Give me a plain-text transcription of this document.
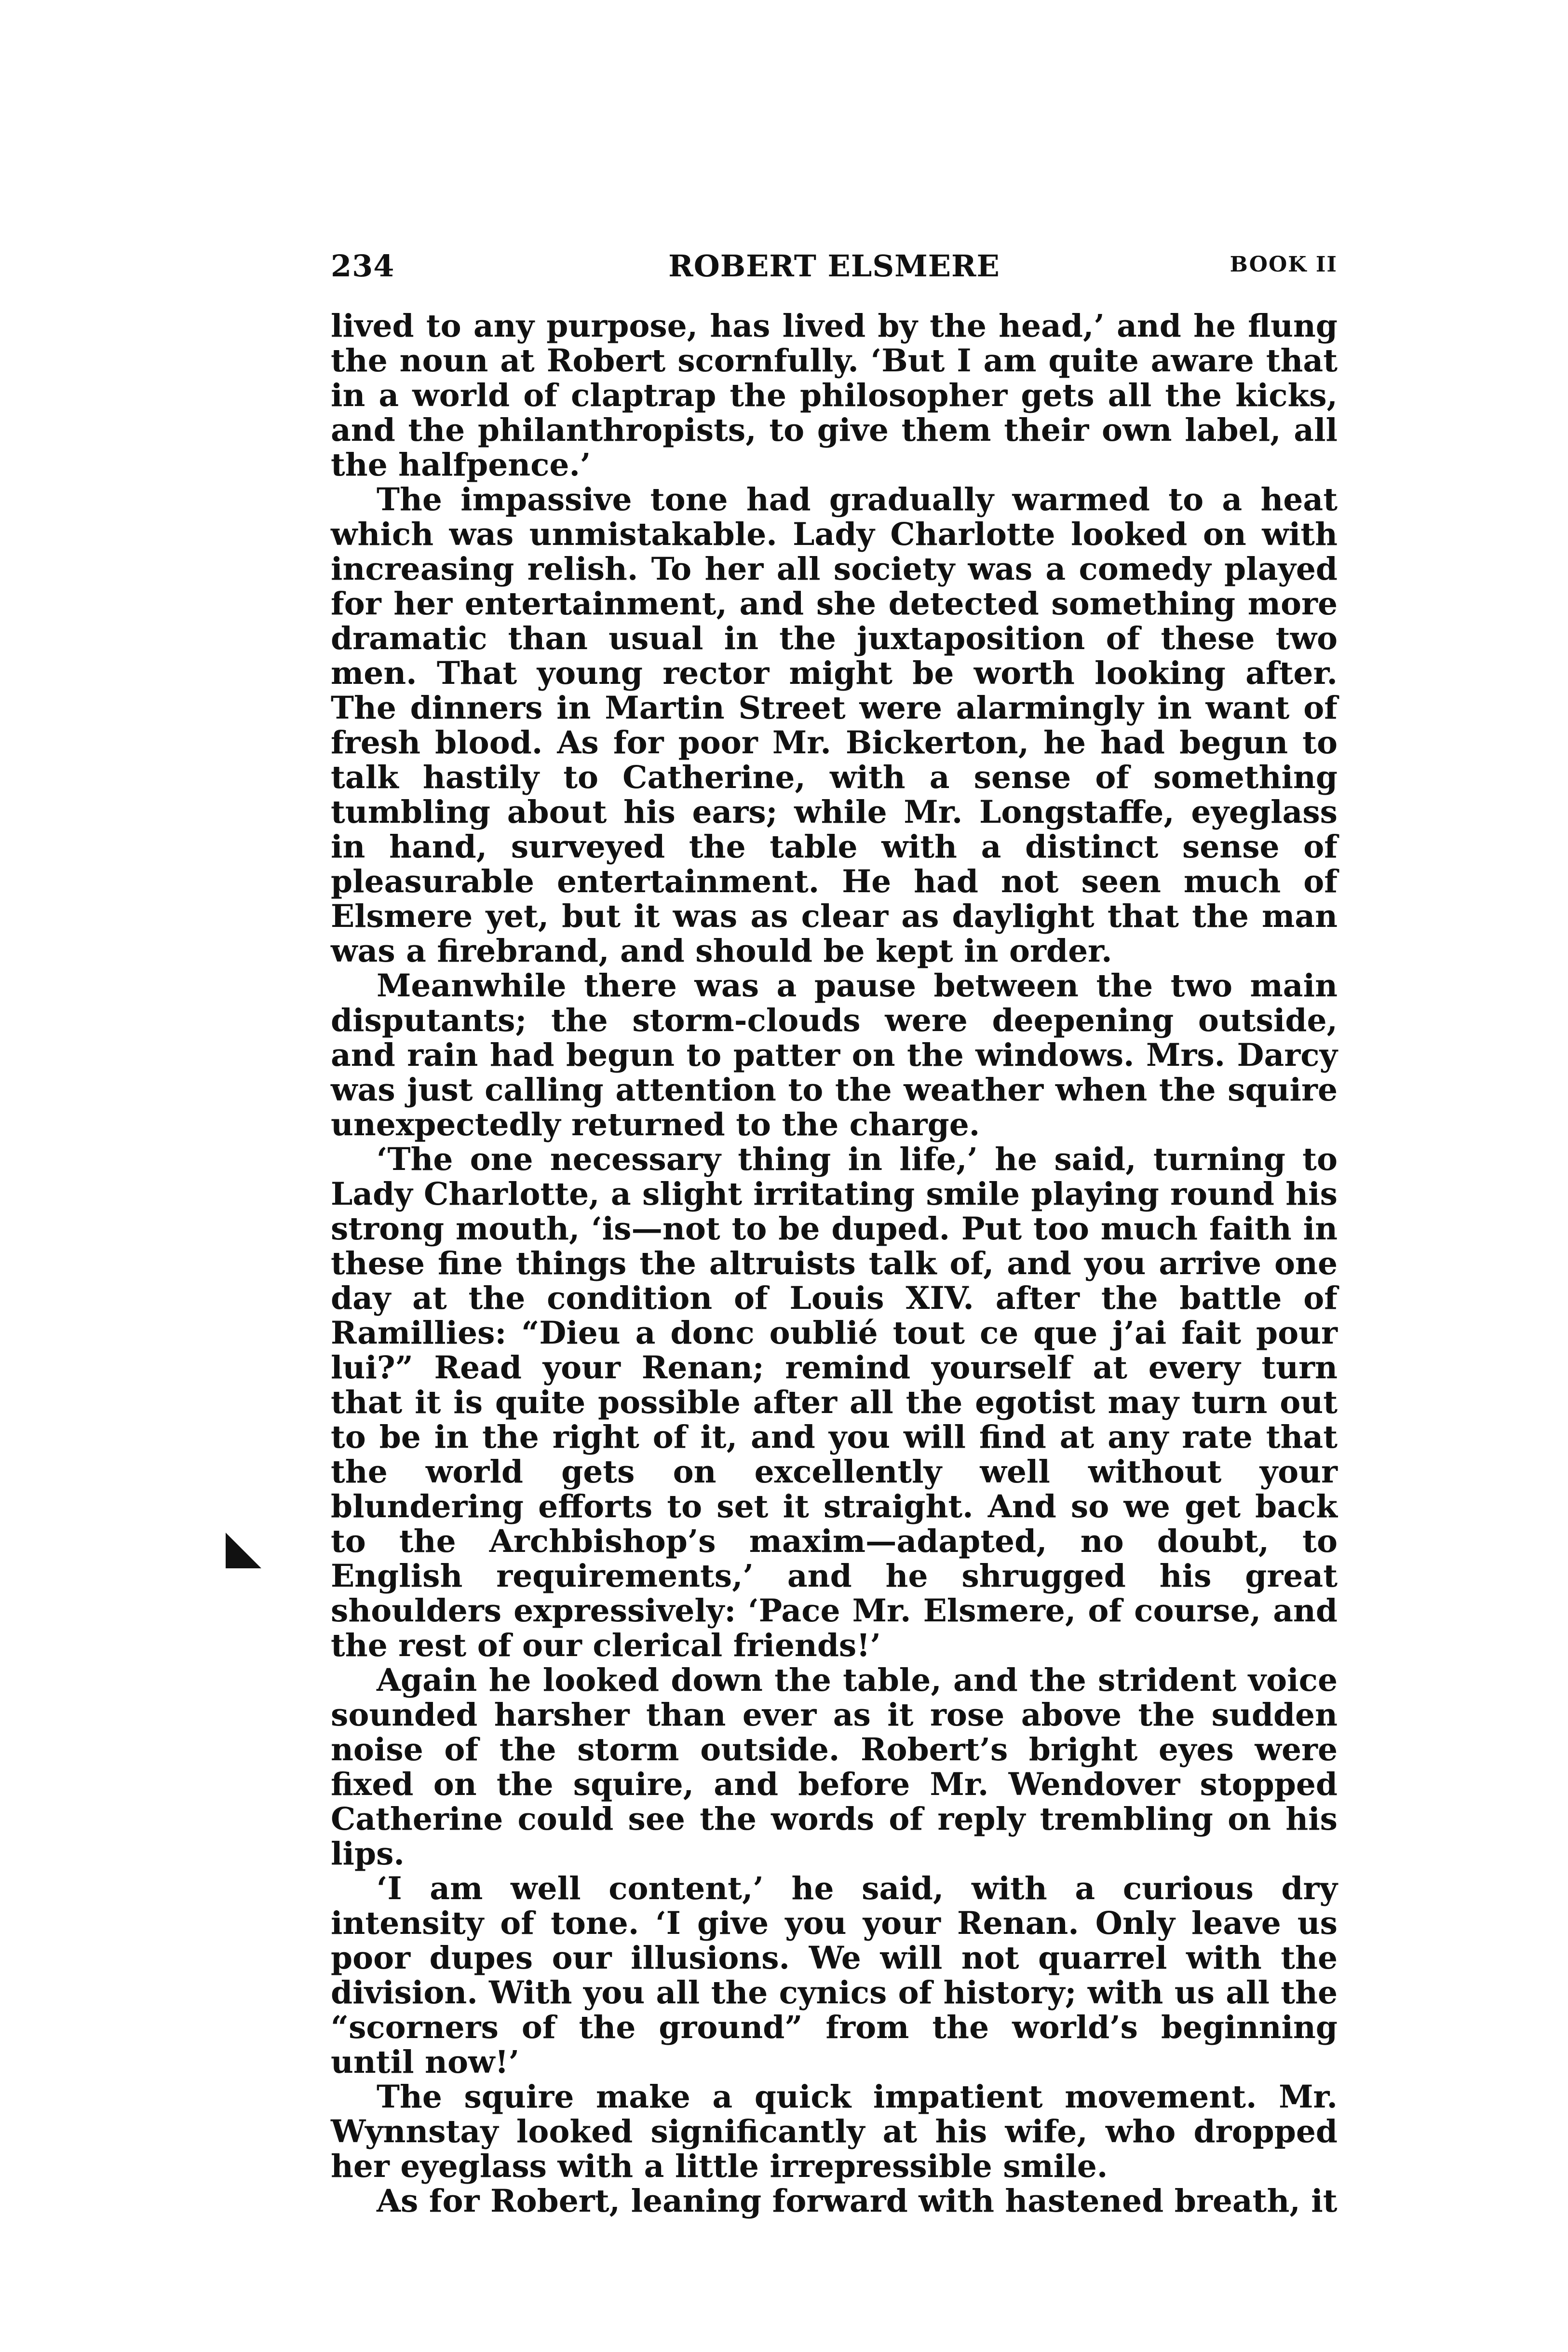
234	ROBERT ELSMERE	BOOK II

lived to any purpose, has lived by the head,’ and he flung the noun at Robert scornfully. ‘But I am quite aware that in a world of claptrap the philosopher gets all the kicks, and the philanthropists, to give them their own label, all the halfpence.’

The impassive tone had gradually warmed to a heat which was unmistakable. Lady Charlotte looked on with increasing relish. To her all society was a comedy played for her entertainment, and she detected something more dramatic than usual in the juxtaposition of these two men. That young rector might be worth looking after. The dinners in Martin Street were alarmingly in want of fresh blood. As for poor Mr. Bickerton, he had begun to talk hastily to Catherine, with a sense of something tumbling about his ears; while Mr. Longstaffe, eyeglass in hand, surveyed the table with a distinct sense of pleasurable entertainment. He had not seen much of Elsmere yet, but it was as clear as daylight that the man was a firebrand, and should be kept in order.

Meanwhile there was a pause between the two main disputants; the storm-clouds were deepening outside, and rain had begun to patter on the windows. Mrs. Darcy was just calling attention to the weather when the squire unexpectedly returned to the charge.

‘The one necessary thing in life,’ he said, turning to Lady Charlotte, a slight irritating smile playing round his strong mouth, ‘is—not to be duped. Put too much faith in these fine things the altruists talk of, and you arrive one day at the condition of Louis XIV. after the battle of Ramillies: “Dieu a donc oublié tout ce que j’ai fait pour lui?” Read your Renan; remind yourself at every turn that it is quite possible after all the egotist may turn out to be in the right of it, and you will find at any rate that the world gets on excellently well without your blundering efforts to set it straight. And so we get back to the Archbishop’s maxim—adapted, no doubt, to English requirements,’ and he shrugged his great shoulders expressively: ‘Pace Mr. Elsmere, of course, and the rest of our clerical friends!’

Again he looked down the table, and the strident voice sounded harsher than ever as it rose above the sudden noise of the storm outside. Robert’s bright eyes were fixed on the squire, and before Mr. Wendover stopped Catherine could see the words of reply trembling on his lips.

‘I am well content,’ he said, with a curious dry intensity of tone. ‘I give you your Renan. Only leave us poor dupes our illusions. We will not quarrel with the division. With you all the cynics of history; with us all the “scorners of the ground” from the world’s beginning until now!’

The squire make a quick impatient movement. Mr. Wynnstay looked significantly at his wife, who dropped her eyeglass with a little irrepressible smile.

As for Robert, leaning forward with hastened breath, it
